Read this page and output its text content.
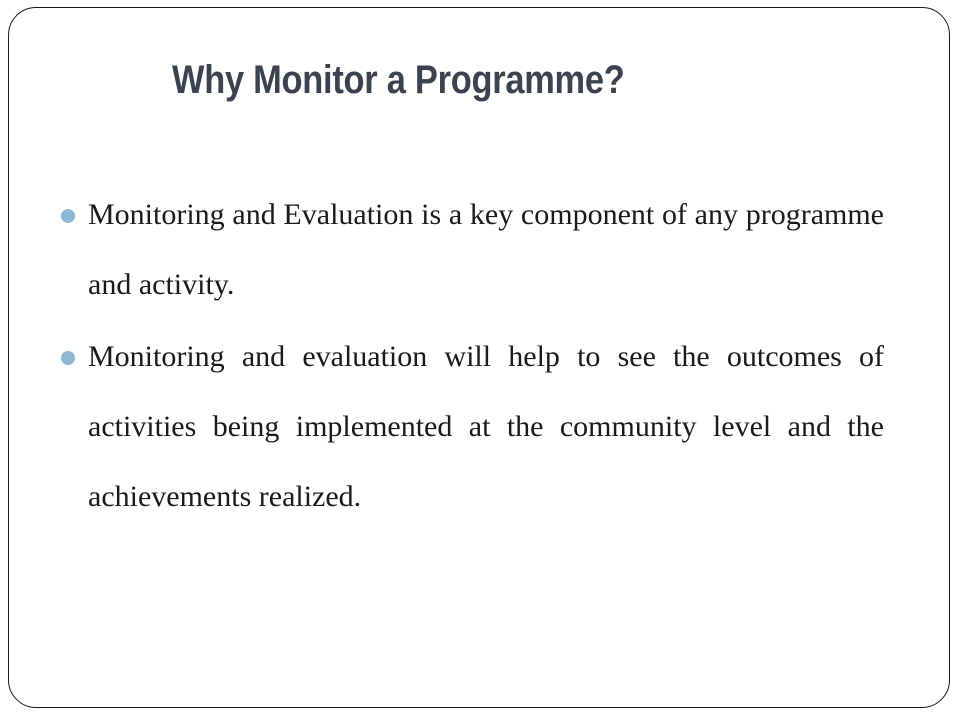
Why Monitor a Programme?
Monitoring and Evaluation is a key component of any programme and activity.
Monitoring and evaluation will help to see the outcomes of activities being implemented at the community level and the achievements realized.
